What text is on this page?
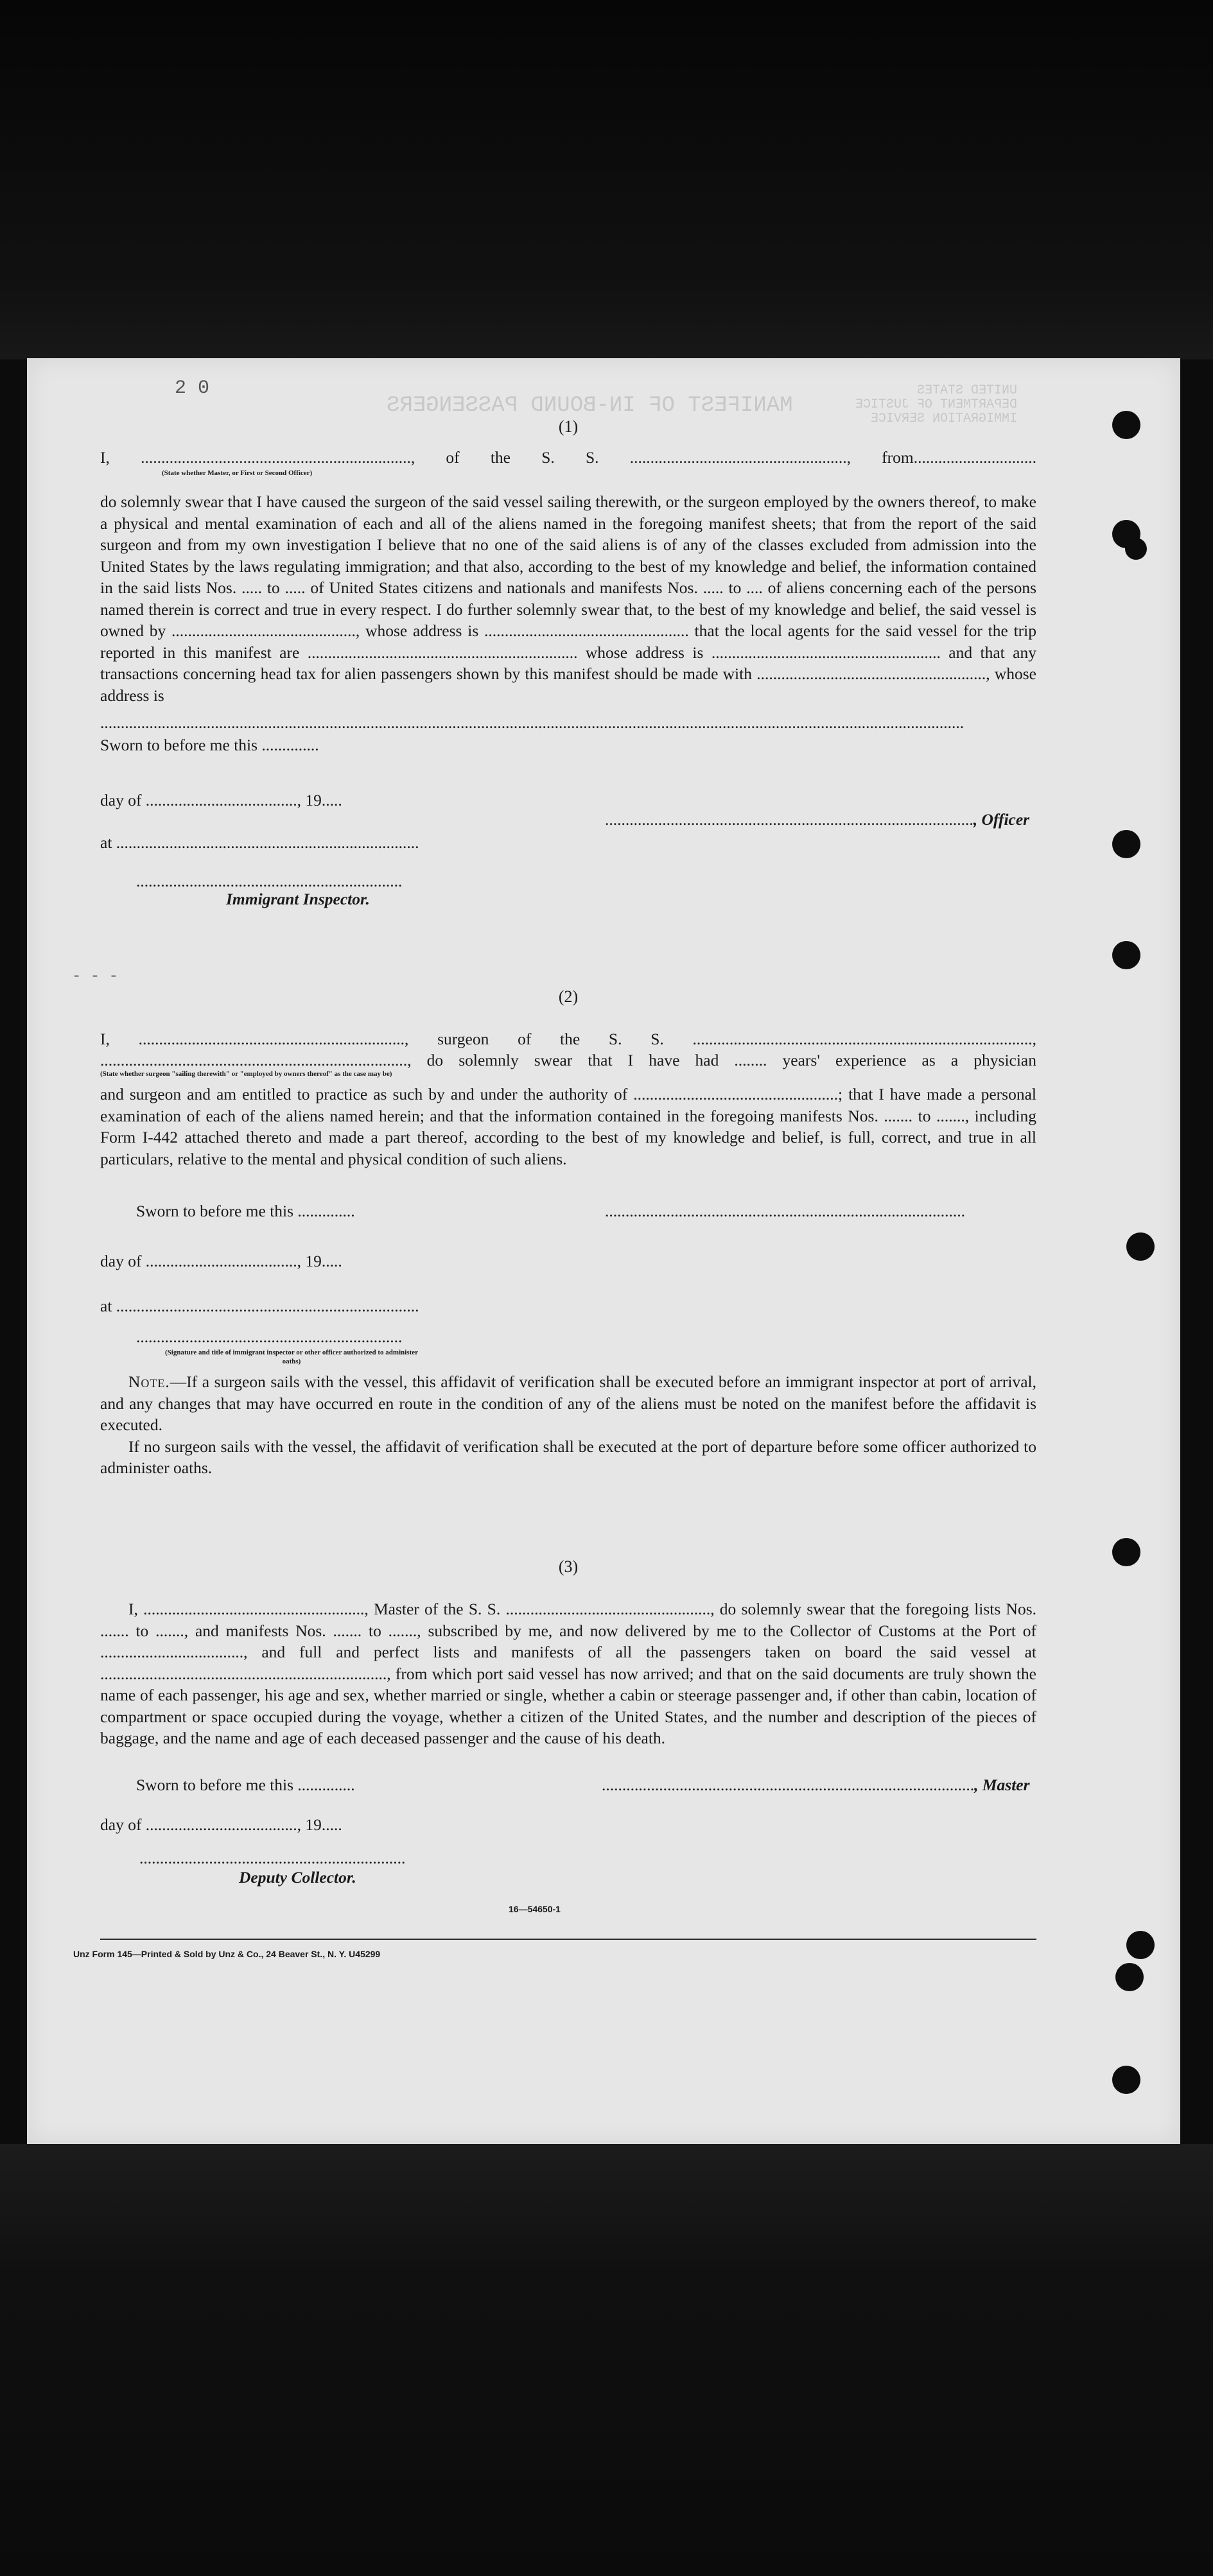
2 0
- - -
MANIFEST OF IN-BOUND PASSENGERS
UNITED STATES
DEPARTMENT OF JUSTICE
IMMIGRATION SERVICE
(1)

I, .................................................................., of the S. S. ....................................................., from..............................

(State whether Master, or First or Second Officer)

do solemnly swear that I have caused the surgeon of the said vessel sailing therewith, or the surgeon employed by the owners thereof, to make a physical and mental examination of each and all of the aliens named in the foregoing manifest sheets; that from the report of the said surgeon and from my own investigation I believe that no one of the said aliens is of any of the classes excluded from admission into the United States by the laws regulating immigration; and that also, according to the best of my knowledge and belief, the information contained in the said lists Nos. ..... to ..... of United States citizens and nationals and manifests Nos. ..... to .... of aliens concerning each of the persons named therein is correct and true in every respect. I do further solemnly swear that, to the best of my knowledge and belief, the said vessel is owned by ............................................., whose address is .................................................. that the local agents for the said vessel for the trip reported in this manifest are .................................................................. whose address is ........................................................ and that any transactions concerning head tax for alien passengers shown by this manifest should be made with ........................................................, whose address is

...................................................................................................................................................................................................................

Sworn to before me this ..............
day of ....................................., 19.....
.........................................................................................., Officer
at ..........................................................................
.................................................................
Immigrant Inspector.
(2)

I, ................................................................., surgeon of the S. S. ...................................................................................,

..........................................................................., do solemnly swear that I have had ........ years' experience as a physician

(State whether surgeon "sailing therewith" or "employed by owners thereof" as the case may be)

and surgeon and am entitled to practice as such by and under the authority of ..................................................; that I have made a personal examination of each of the aliens named herein; and that the information contained in the foregoing manifests Nos. ....... to ......., including Form I-442 attached thereto and made a part thereof, according to the best of my knowledge and belief, is full, correct, and true in all particulars, relative to the mental and physical condition of such aliens.

Sworn to before me this ..............	........................................................................................
day of ....................................., 19.....
at ..........................................................................
.................................................................
(Signature and title of immigrant inspector or other officer authorized to administer oaths)

Note.—If a surgeon sails with the vessel, this affidavit of verification shall be executed before an immigrant inspector at port of arrival, and any changes that may have occurred en route in the condition of any of the aliens must be noted on the manifest before the affidavit is executed.

If no surgeon sails with the vessel, the affidavit of verification shall be executed at the port of departure before some officer authorized to administer oaths.

(3)

I, ......................................................, Master of the S. S. .................................................., do solemnly swear that the foregoing lists Nos. ....... to ......., and manifests Nos. ....... to ......., subscribed by me, and now delivered by me to the Collector of Customs at the Port of ..................................., and full and perfect lists and manifests of all the passengers taken on board the said vessel at ......................................................................, from which port said vessel has now arrived; and that on the said documents are truly shown the name of each passenger, his age and sex, whether married or single, whether a cabin or steerage passenger and, if other than cabin, location of compartment or space occupied during the voyage, whether a citizen of the United States, and the number and description of the pieces of baggage, and the name and age of each deceased passenger and the cause of his death.

Sworn to before me this ..............	..........................................................................................., Master
day of ....................................., 19.....
.................................................................
Deputy Collector.
16—54650-1
Unz Form 145—Printed & Sold by Unz & Co., 24 Beaver St., N. Y. U45299
